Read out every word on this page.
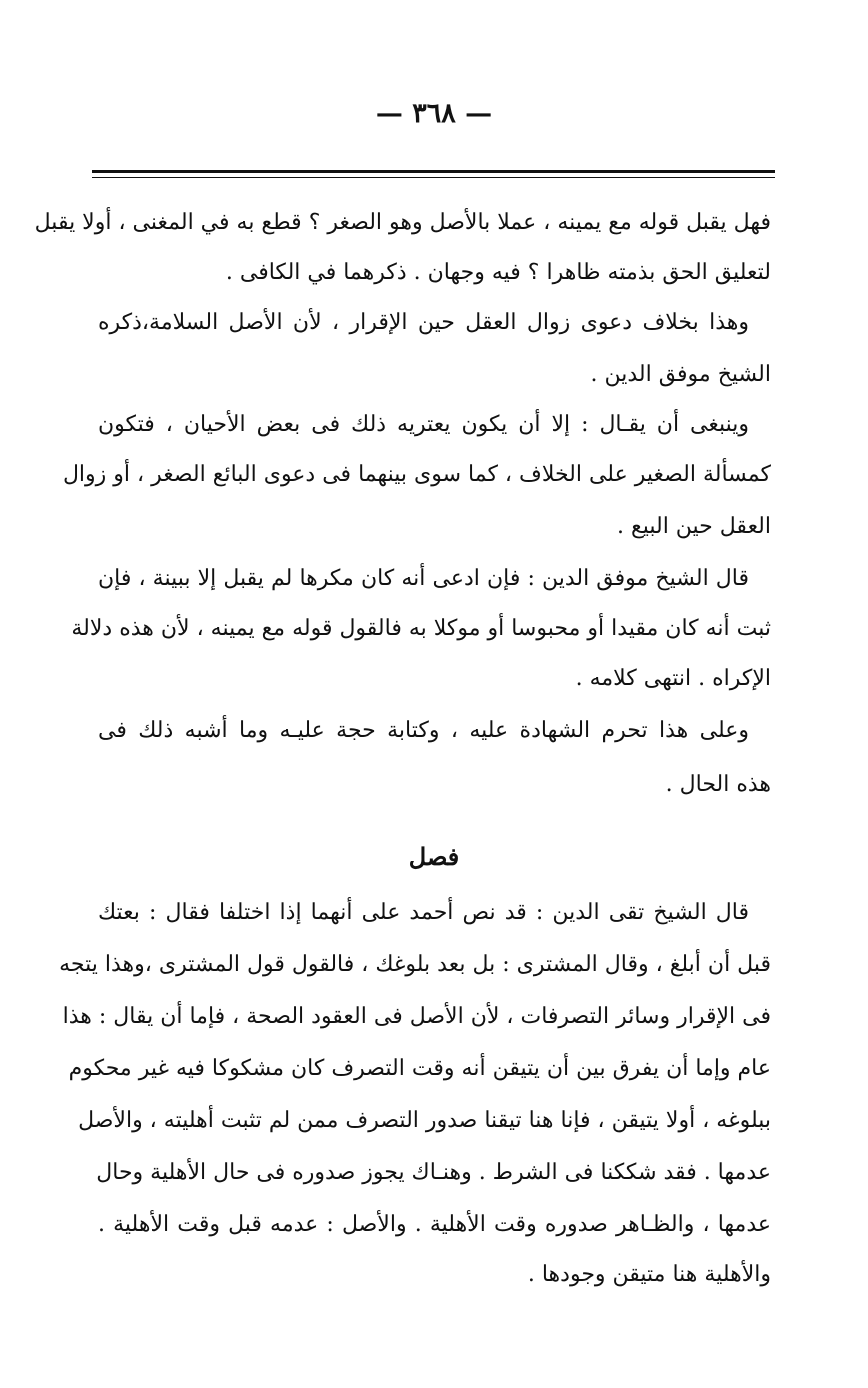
— ٣٦٨ —
فهل يقبل قوله مع يمينه ، عملا بالأصل وهو الصغر ؟ قطع به في المغنى ، أولا يقبل
لتعليق الحق بذمته ظاهرا ؟ فيه وجهان . ذكرهما في الكافى .
وهذا بخلاف دعوى زوال العقل حين الإقرار ، لأن الأصل السلامة،ذكره
الشيخ موفق الدين .
وينبغى أن يقـال : إلا أن يكون يعتريه ذلك فى بعض الأحيان ، فتكون
كمسألة الصغير على الخلاف ، كما سوى بينهما فى دعوى البائع الصغر ، أو زوال
العقل حين البيع .
قال الشيخ موفق الدين : فإن ادعى أنه كان مكرها لم يقبل إلا ببينة ، فإن
ثبت أنه كان مقيدا أو محبوسا أو موكلا به فالقول قوله مع يمينه ، لأن هذه دلالة
الإكراه . انتهى كلامه .
وعلى هذا تحرم الشهادة عليه ، وكتابة حجة عليـه وما أشبه ذلك فى
هذه الحال .
فصل
قال الشيخ تقى الدين : قد نص أحمد على أنهما إذا اختلفا فقال : بعتك
قبل أن أبلغ ، وقال المشترى : بل بعد بلوغك ، فالقول قول المشترى ،وهذا يتجه
فى الإقرار وسائر التصرفات ، لأن الأصل فى العقود الصحة ، فإما أن يقال : هذا
عام وإما أن يفرق بين أن يتيقن أنه وقت التصرف كان مشكوكا فيه غير محكوم
ببلوغه ، أولا يتيقن ، فإنا هنا تيقنا صدور التصرف ممن لم تثبت أهليته ، والأصل
عدمها . فقد شككنا فى الشرط . وهنـاك يجوز صدوره فى حال الأهلية وحال
عدمها ، والظـاهر صدوره وقت الأهلية . والأصل : عدمه قبل وقت الأهلية .
والأهلية هنا متيقن وجودها .
